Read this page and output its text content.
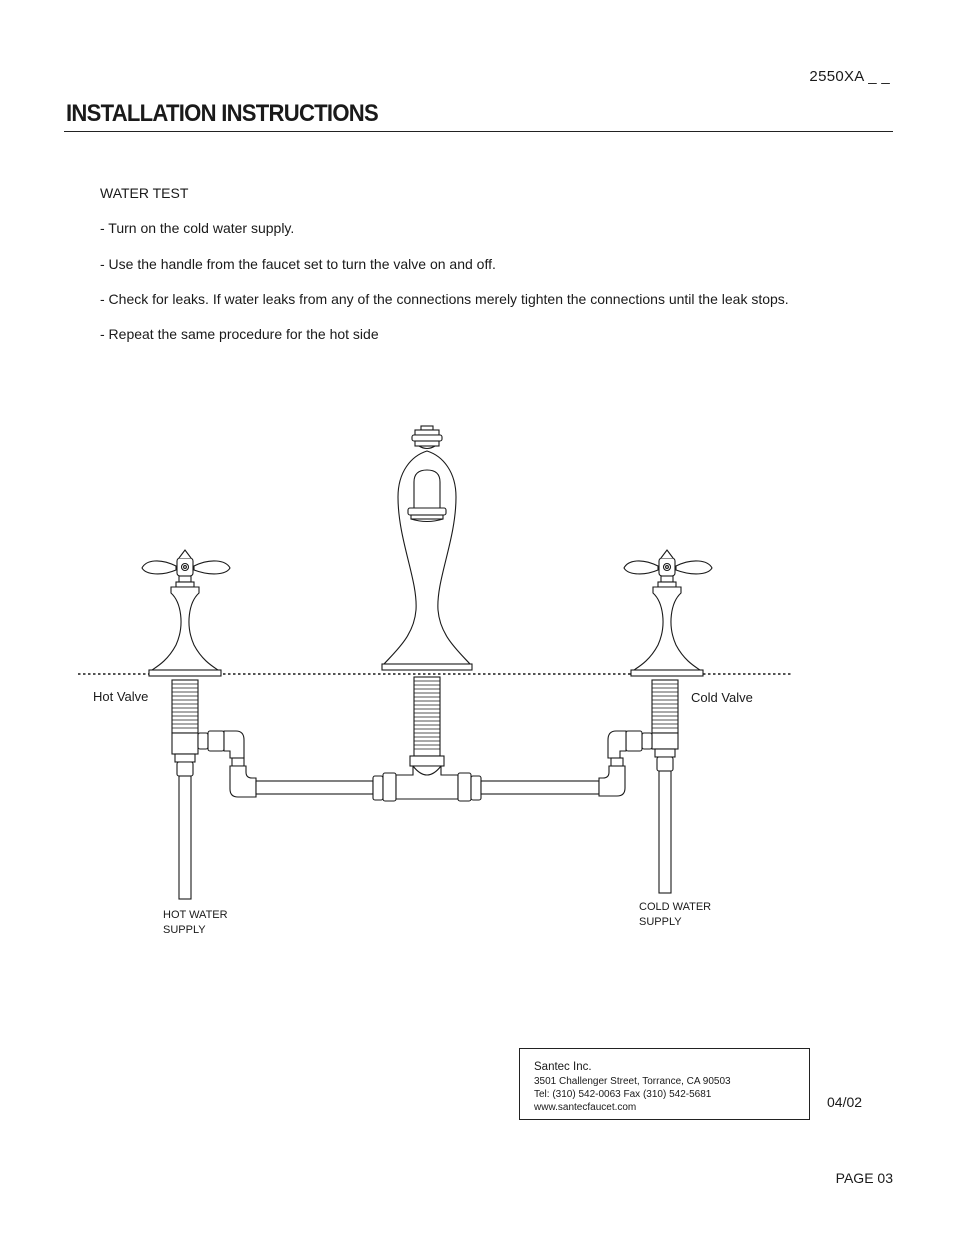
2550XA _ _
INSTALLATION INSTRUCTIONS
WATER TEST
- Turn on the cold water supply.
- Use the handle from the faucet set to turn the valve on and off.
- Check for leaks. If water leaks from any of the connections merely tighten the connections until the leak stops.
- Repeat the same procedure for the hot side
Hot Valve	Cold Valve
HOT WATER
SUPPLY
COLD WATER
SUPPLY
Santec Inc.
3501 Challenger Street, Torrance, CA 90503
Tel: (310) 542-0063 Fax (310) 542-5681
www.santecfaucet.com	04/02
PAGE 03
